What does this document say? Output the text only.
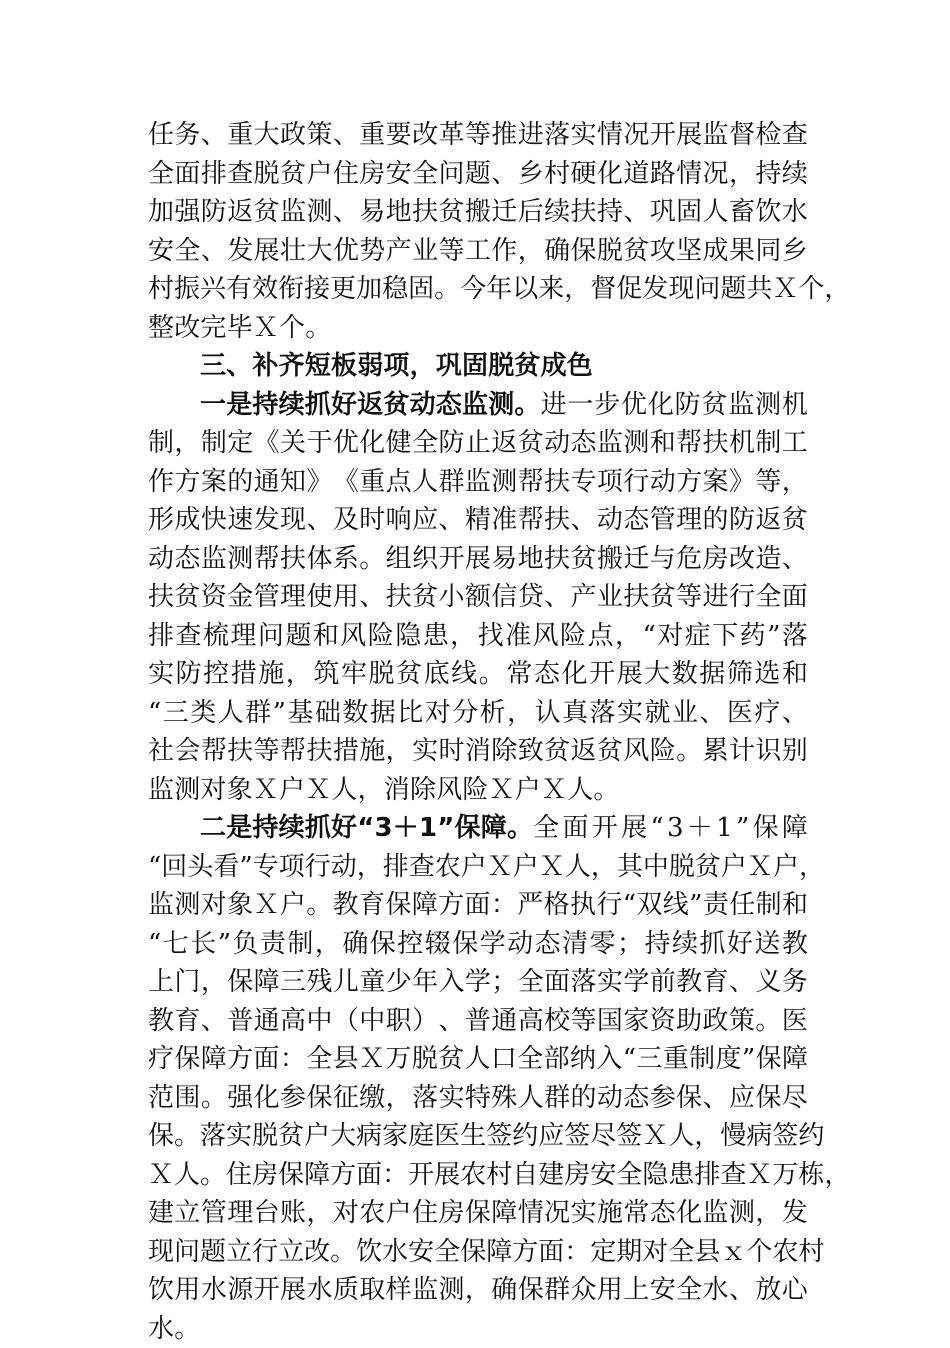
任 务 、 重 大 政 策 、 重 要 改 革 等 推 进 落 实 情 况 开 展 监 督 检 查
全 面 排 查 脱 贫 户 住 房 安 全 问 题 、 乡 村 硬 化 道 路 情 况 ， 持 续
加 强 防 返 贫 监 测 、 易 地 扶 贫 搬 迁 后 续 扶 持 、 巩 固 人 畜 饮 水
安 全 、 发 展 壮 大 优 势 产 业 等 工 作 ， 确 保 脱 贫 攻 坚 成 果 同 乡
村 振 兴 有 效 衔 接 更 加 稳 固 。 今 年 以 来 ， 督 促 发 现 问 题 共 Ｘ 个 ，
整改完毕Ｘ个。
三、补齐短板弱项，巩固脱贫成色
一是持续抓好返贫动态监测。 进 一 步 优 化 防 贫 监 测 机
制 ， 制 定 《 关 于 优 化 健 全 防 止 返 贫 动 态 监 测 和 帮 扶 机 制 工
作 方 案 的 通 知 》 《 重 点 人 群 监 测 帮 扶 专 项 行 动 方 案 》 等 ，
形 成 快 速 发 现 、 及 时 响 应 、 精 准 帮 扶 、 动 态 管 理 的 防 返 贫
动 态 监 测 帮 扶 体 系 。 组 织 开 展 易 地 扶 贫 搬 迁 与 危 房 改 造 、
扶 贫 资 金 管 理 使 用 、 扶 贫 小 额 信 贷 、 产 业 扶 贫 等 进 行 全 面
排 查 梳 理 问 题 和 风 险 隐 患 ， 找 准 风 险 点 ， “ 对 症 下 药 ” 落
实 防 控 措 施 ， 筑 牢 脱 贫 底 线 。 常 态 化 开 展 大 数 据 筛 选 和
“ 三 类 人 群 ” 基 础 数 据 比 对 分 析 ， 认 真 落 实 就 业 、 医 疗 、
社 会 帮 扶 等 帮 扶 措 施 ， 实 时 消 除 致 贫 返 贫 风 险 。 累 计 识 别
监测对象Ｘ户Ｘ人，消除风险Ｘ户Ｘ人。
二是持续抓好“3＋1”保障。 全 面 开 展 “ 3 ＋ 1 ” 保 障
“ 回 头 看 ” 专 项 行 动 ， 排 查 农 户 Ｘ 户 Ｘ 人 ， 其 中 脱 贫 户 Ｘ 户 ，
监 测 对 象 Ｘ 户 。 教 育 保 障 方 面 ： 严 格 执 行 “ 双 线 ” 责 任 制 和
“ 七 长 ” 负 责 制 ， 确 保 控 辍 保 学 动 态 清 零 ； 持 续 抓 好 送 教
上 门 ， 保 障 三 残 儿 童 少 年 入 学 ； 全 面 落 实 学 前 教 育 、 义 务
教 育 、 普 通 高 中 （ 中 职 ） 、 普 通 高 校 等 国 家 资 助 政 策 。 医
疗 保 障 方 面 ： 全 县 Ｘ 万 脱 贫 人 口 全 部 纳 入 “ 三 重 制 度 ” 保 障
范 围 。 强 化 参 保 征 缴 ， 落 实 特 殊 人 群 的 动 态 参 保 、 应 保 尽
保 。 落 实 脱 贫 户 大 病 家 庭 医 生 签 约 应 签 尽 签 Ｘ 人 ， 慢 病 签 约
Ｘ 人 。 住 房 保 障 方 面 ： 开 展 农 村 自 建 房 安 全 隐 患 排 查 Ｘ 万 栋 ，
建 立 管 理 台 账 ， 对 农 户 住 房 保 障 情 况 实 施 常 态 化 监 测 ， 发
现 问 题 立 行 立 改 。 饮 水 安 全 保 障 方 面 ： 定 期 对 全 县 ｘ 个 农 村
饮 用 水 源 开 展 水 质 取 样 监 测 ， 确 保 群 众 用 上 安 全 水 、 放 心
水。
